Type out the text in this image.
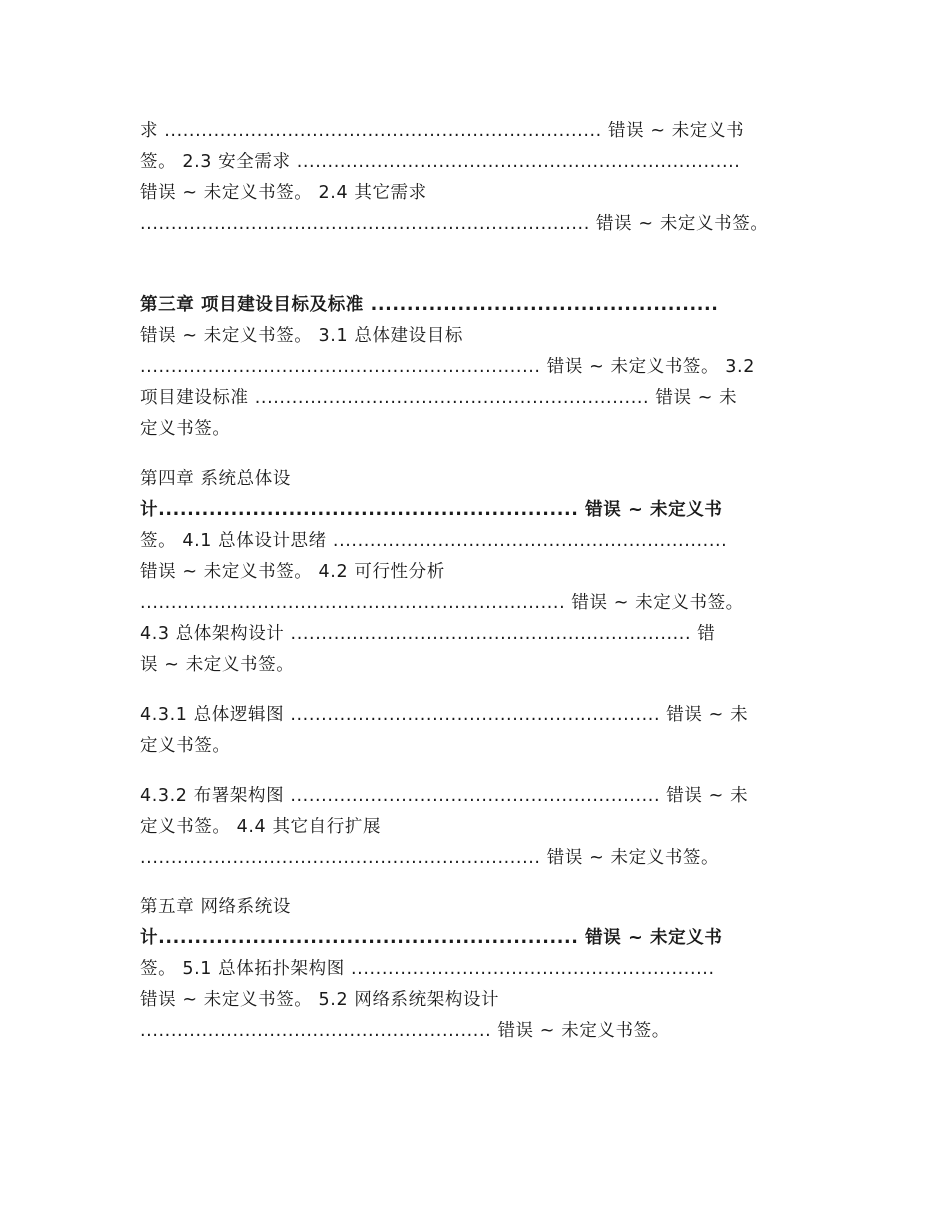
求 ....................................................................... 错误 ~ 未定义书
签。 2.3 安全需求 ........................................................................
错误 ~ 未定义书签。 2.4 其它需求
......................................................................... 错误 ~ 未定义书签。
第三章 项目建设目标及标准 ................................................
错误 ~ 未定义书签。 3.1 总体建设目标
................................................................. 错误 ~ 未定义书签。 3.2
项目建设标准 ................................................................ 错误 ~ 未
定义书签。
第四章 系统总体设
计.......................................................... 错误 ~ 未定义书
签。 4.1 总体设计思绪 ................................................................
错误 ~ 未定义书签。 4.2 可行性分析
..................................................................... 错误 ~ 未定义书签。
4.3 总体架构设计 ................................................................. 错
误 ~ 未定义书签。
4.3.1 总体逻辑图 ............................................................ 错误 ~ 未
定义书签。
4.3.2 布署架构图 ............................................................ 错误 ~ 未
定义书签。 4.4 其它自行扩展
................................................................. 错误 ~ 未定义书签。
第五章 网络系统设
计.......................................................... 错误 ~ 未定义书
签。 5.1 总体拓扑架构图 ...........................................................
错误 ~ 未定义书签。 5.2 网络系统架构设计
......................................................... 错误 ~ 未定义书签。
